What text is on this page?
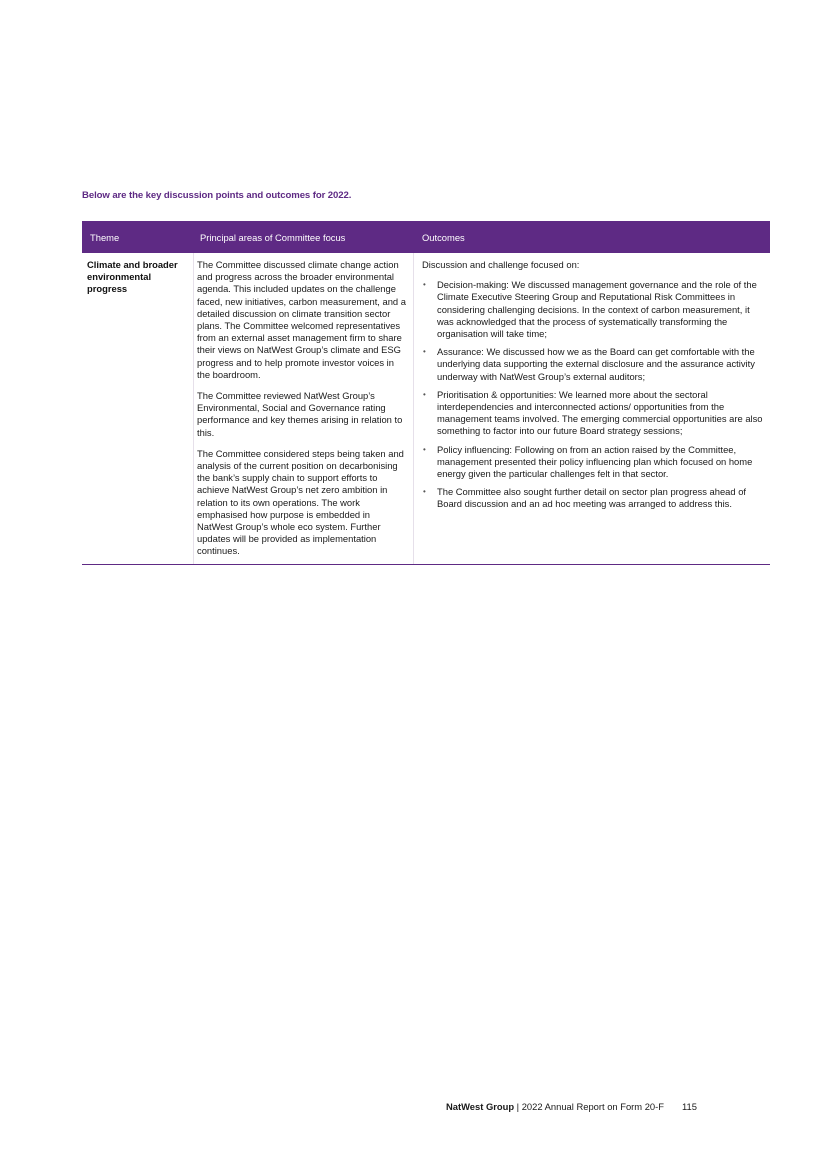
Below are the key discussion points and outcomes for 2022.
Theme	Principal areas of Committee focus	Outcomes
Climate and broader environmental progress

The Committee discussed climate change action and progress across the broader environmental agenda. This included updates on the challenge faced, new initiatives, carbon measurement, and a detailed discussion on climate transition sector plans. The Committee welcomed representatives from an external asset management firm to share their views on NatWest Group’s climate and ESG progress and to help promote investor voices in the boardroom.

The Committee reviewed NatWest Group’s Environmental, Social and Governance rating performance and key themes arising in relation to this.

The Committee considered steps being taken and analysis of the current position on decarbonising the bank’s supply chain to support efforts to achieve NatWest Group’s net zero ambition in relation to its own operations. The work emphasised how purpose is embedded in NatWest Group’s whole eco system. Further updates will be provided as implementation continues.

Discussion and challenge focused on:
• Decision-making: We discussed management governance and the role of the Climate Executive Steering Group and Reputational Risk Committees in considering challenging decisions. In the context of carbon measurement, it was acknowledged that the process of systematically transforming the organisation will take time;
• Assurance: We discussed how we as the Board can get comfortable with the underlying data supporting the external disclosure and the assurance activity underway with NatWest Group’s external auditors;
• Prioritisation & opportunities: We learned more about the sectoral interdependencies and interconnected actions/ opportunities from the management teams involved. The emerging commercial opportunities are also something to factor into our future Board strategy sessions;
• Policy influencing: Following on from an action raised by the Committee, management presented their policy influencing plan which focused on home energy given the particular challenges felt in that sector.
• The Committee also sought further detail on sector plan progress ahead of Board discussion and an ad hoc meeting was arranged to address this.
NatWest Group | 2022 Annual Report on Form 20-F 115
